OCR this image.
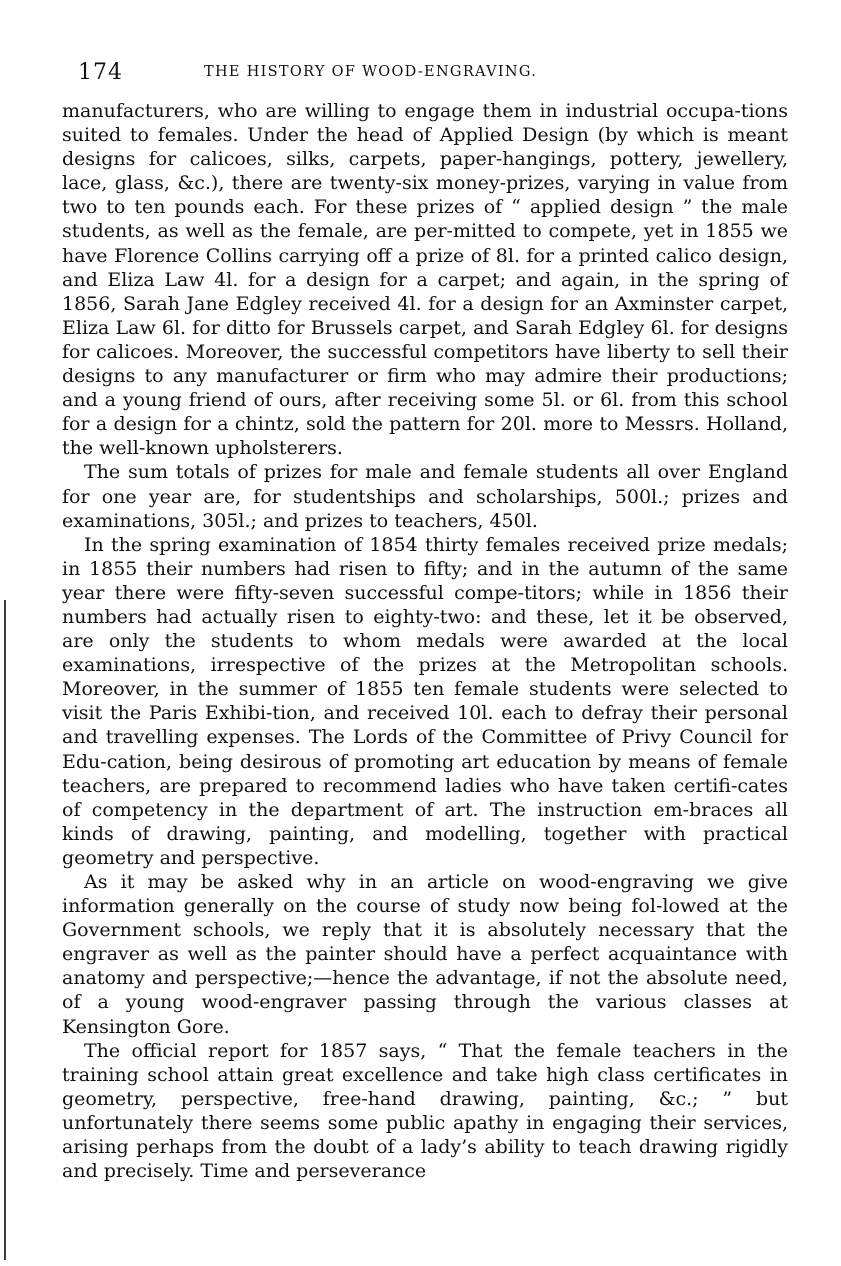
174	THE HISTORY OF WOOD-ENGRAVING.

manufacturers, who are willing to engage them in industrial occupa-tions suited to females. Under the head of Applied Design (by which is meant designs for calicoes, silks, carpets, paper-hangings, pottery, jewellery, lace, glass, &c.), there are twenty-six money-prizes, varying in value from two to ten pounds each. For these prizes of “ applied design ” the male students, as well as the female, are per-mitted to compete, yet in 1855 we have Florence Collins carrying off a prize of 8l. for a printed calico design, and Eliza Law 4l. for a design for a carpet; and again, in the spring of 1856, Sarah Jane Edgley received 4l. for a design for an Axminster carpet, Eliza Law 6l. for ditto for Brussels carpet, and Sarah Edgley 6l. for designs for calicoes. Moreover, the successful competitors have liberty to sell their designs to any manufacturer or firm who may admire their productions; and a young friend of ours, after receiving some 5l. or 6l. from this school for a design for a chintz, sold the pattern for 20l. more to Messrs. Holland, the well-known upholsterers.

The sum totals of prizes for male and female students all over England for one year are, for studentships and scholarships, 500l.; prizes and examinations, 305l.; and prizes to teachers, 450l.

In the spring examination of 1854 thirty females received prize medals; in 1855 their numbers had risen to fifty; and in the autumn of the same year there were fifty-seven successful compe-titors; while in 1856 their numbers had actually risen to eighty-two: and these, let it be observed, are only the students to whom medals were awarded at the local examinations, irrespective of the prizes at the Metropolitan schools. Moreover, in the summer of 1855 ten female students were selected to visit the Paris Exhibi-tion, and received 10l. each to defray their personal and travelling expenses. The Lords of the Committee of Privy Council for Edu-cation, being desirous of promoting art education by means of female teachers, are prepared to recommend ladies who have taken certifi-cates of competency in the department of art. The instruction em-braces all kinds of drawing, painting, and modelling, together with practical geometry and perspective.

As it may be asked why in an article on wood-engraving we give information generally on the course of study now being fol-lowed at the Government schools, we reply that it is absolutely necessary that the engraver as well as the painter should have a perfect acquaintance with anatomy and perspective;—hence the advantage, if not the absolute need, of a young wood-engraver passing through the various classes at Kensington Gore.

The official report for 1857 says, “ That the female teachers in the training school attain great excellence and take high class certificates in geometry, perspective, free-hand drawing, painting, &c.; ” but unfortunately there seems some public apathy in engaging their services, arising perhaps from the doubt of a lady’s ability to teach drawing rigidly and precisely. Time and perseverance
